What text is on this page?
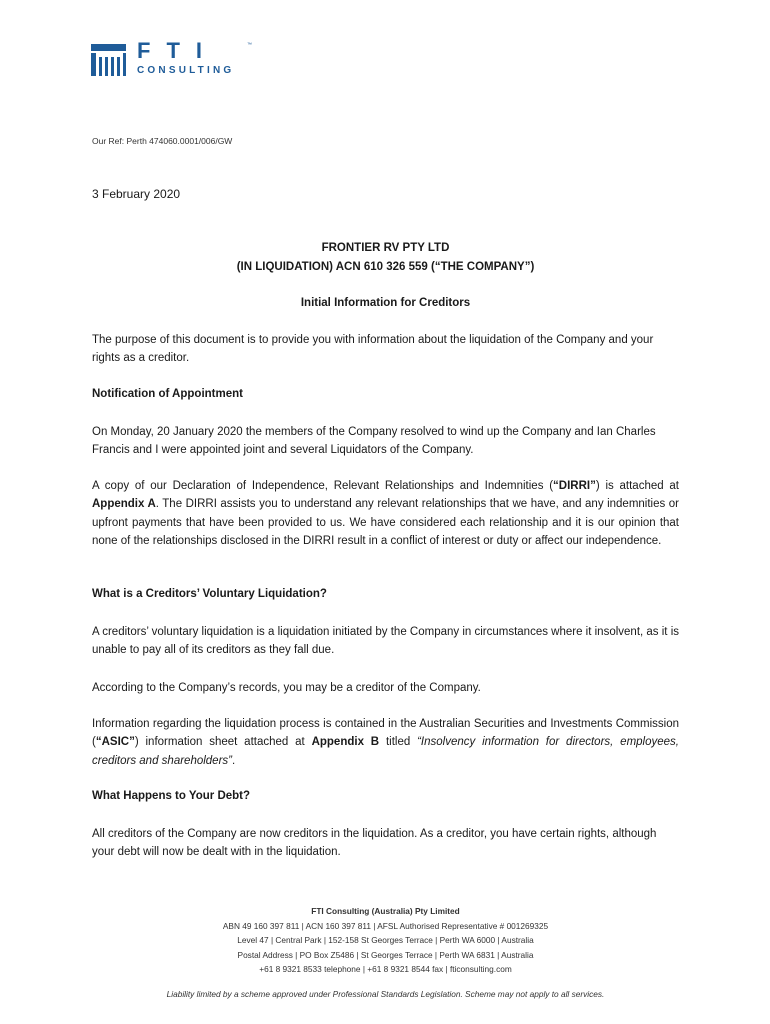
FTI	™
CONSULTING
Our Ref: Perth 474060.0001/006/GW
3 February 2020
FRONTIER RV PTY LTD
(IN LIQUIDATION) ACN 610 326 559 (“THE COMPANY”)
Initial Information for Creditors
The purpose of this document is to provide you with information about the liquidation of the Company and your rights as a creditor.
Notification of Appointment
On Monday, 20 January 2020 the members of the Company resolved to wind up the Company and Ian Charles Francis and I were appointed joint and several Liquidators of the Company.
A copy of our Declaration of Independence, Relevant Relationships and Indemnities (“DIRRI”) is attached at Appendix A. The DIRRI assists you to understand any relevant relationships that we have, and any indemnities or upfront payments that have been provided to us. We have considered each relationship and it is our opinion that none of the relationships disclosed in the DIRRI result in a conflict of interest or duty or affect our independence.
What is a Creditors’ Voluntary Liquidation?
A creditors’ voluntary liquidation is a liquidation initiated by the Company in circumstances where it insolvent, as it is unable to pay all of its creditors as they fall due.
According to the Company’s records, you may be a creditor of the Company.
Information regarding the liquidation process is contained in the Australian Securities and Investments Commission (“ASIC”) information sheet attached at Appendix B titled “Insolvency information for directors, employees, creditors and shareholders”.
What Happens to Your Debt?
All creditors of the Company are now creditors in the liquidation. As a creditor, you have certain rights, although your debt will now be dealt with in the liquidation.
FTI Consulting (Australia) Pty Limited
ABN 49 160 397 811 | ACN 160 397 811 | AFSL Authorised Representative # 001269325
Level 47 | Central Park | 152-158 St Georges Terrace | Perth WA 6000 | Australia
Postal Address | PO Box Z5486 | St Georges Terrace | Perth WA 6831 | Australia
+61 8 9321 8533 telephone | +61 8 9321 8544 fax | fticonsulting.com
Liability limited by a scheme approved under Professional Standards Legislation. Scheme may not apply to all services.
